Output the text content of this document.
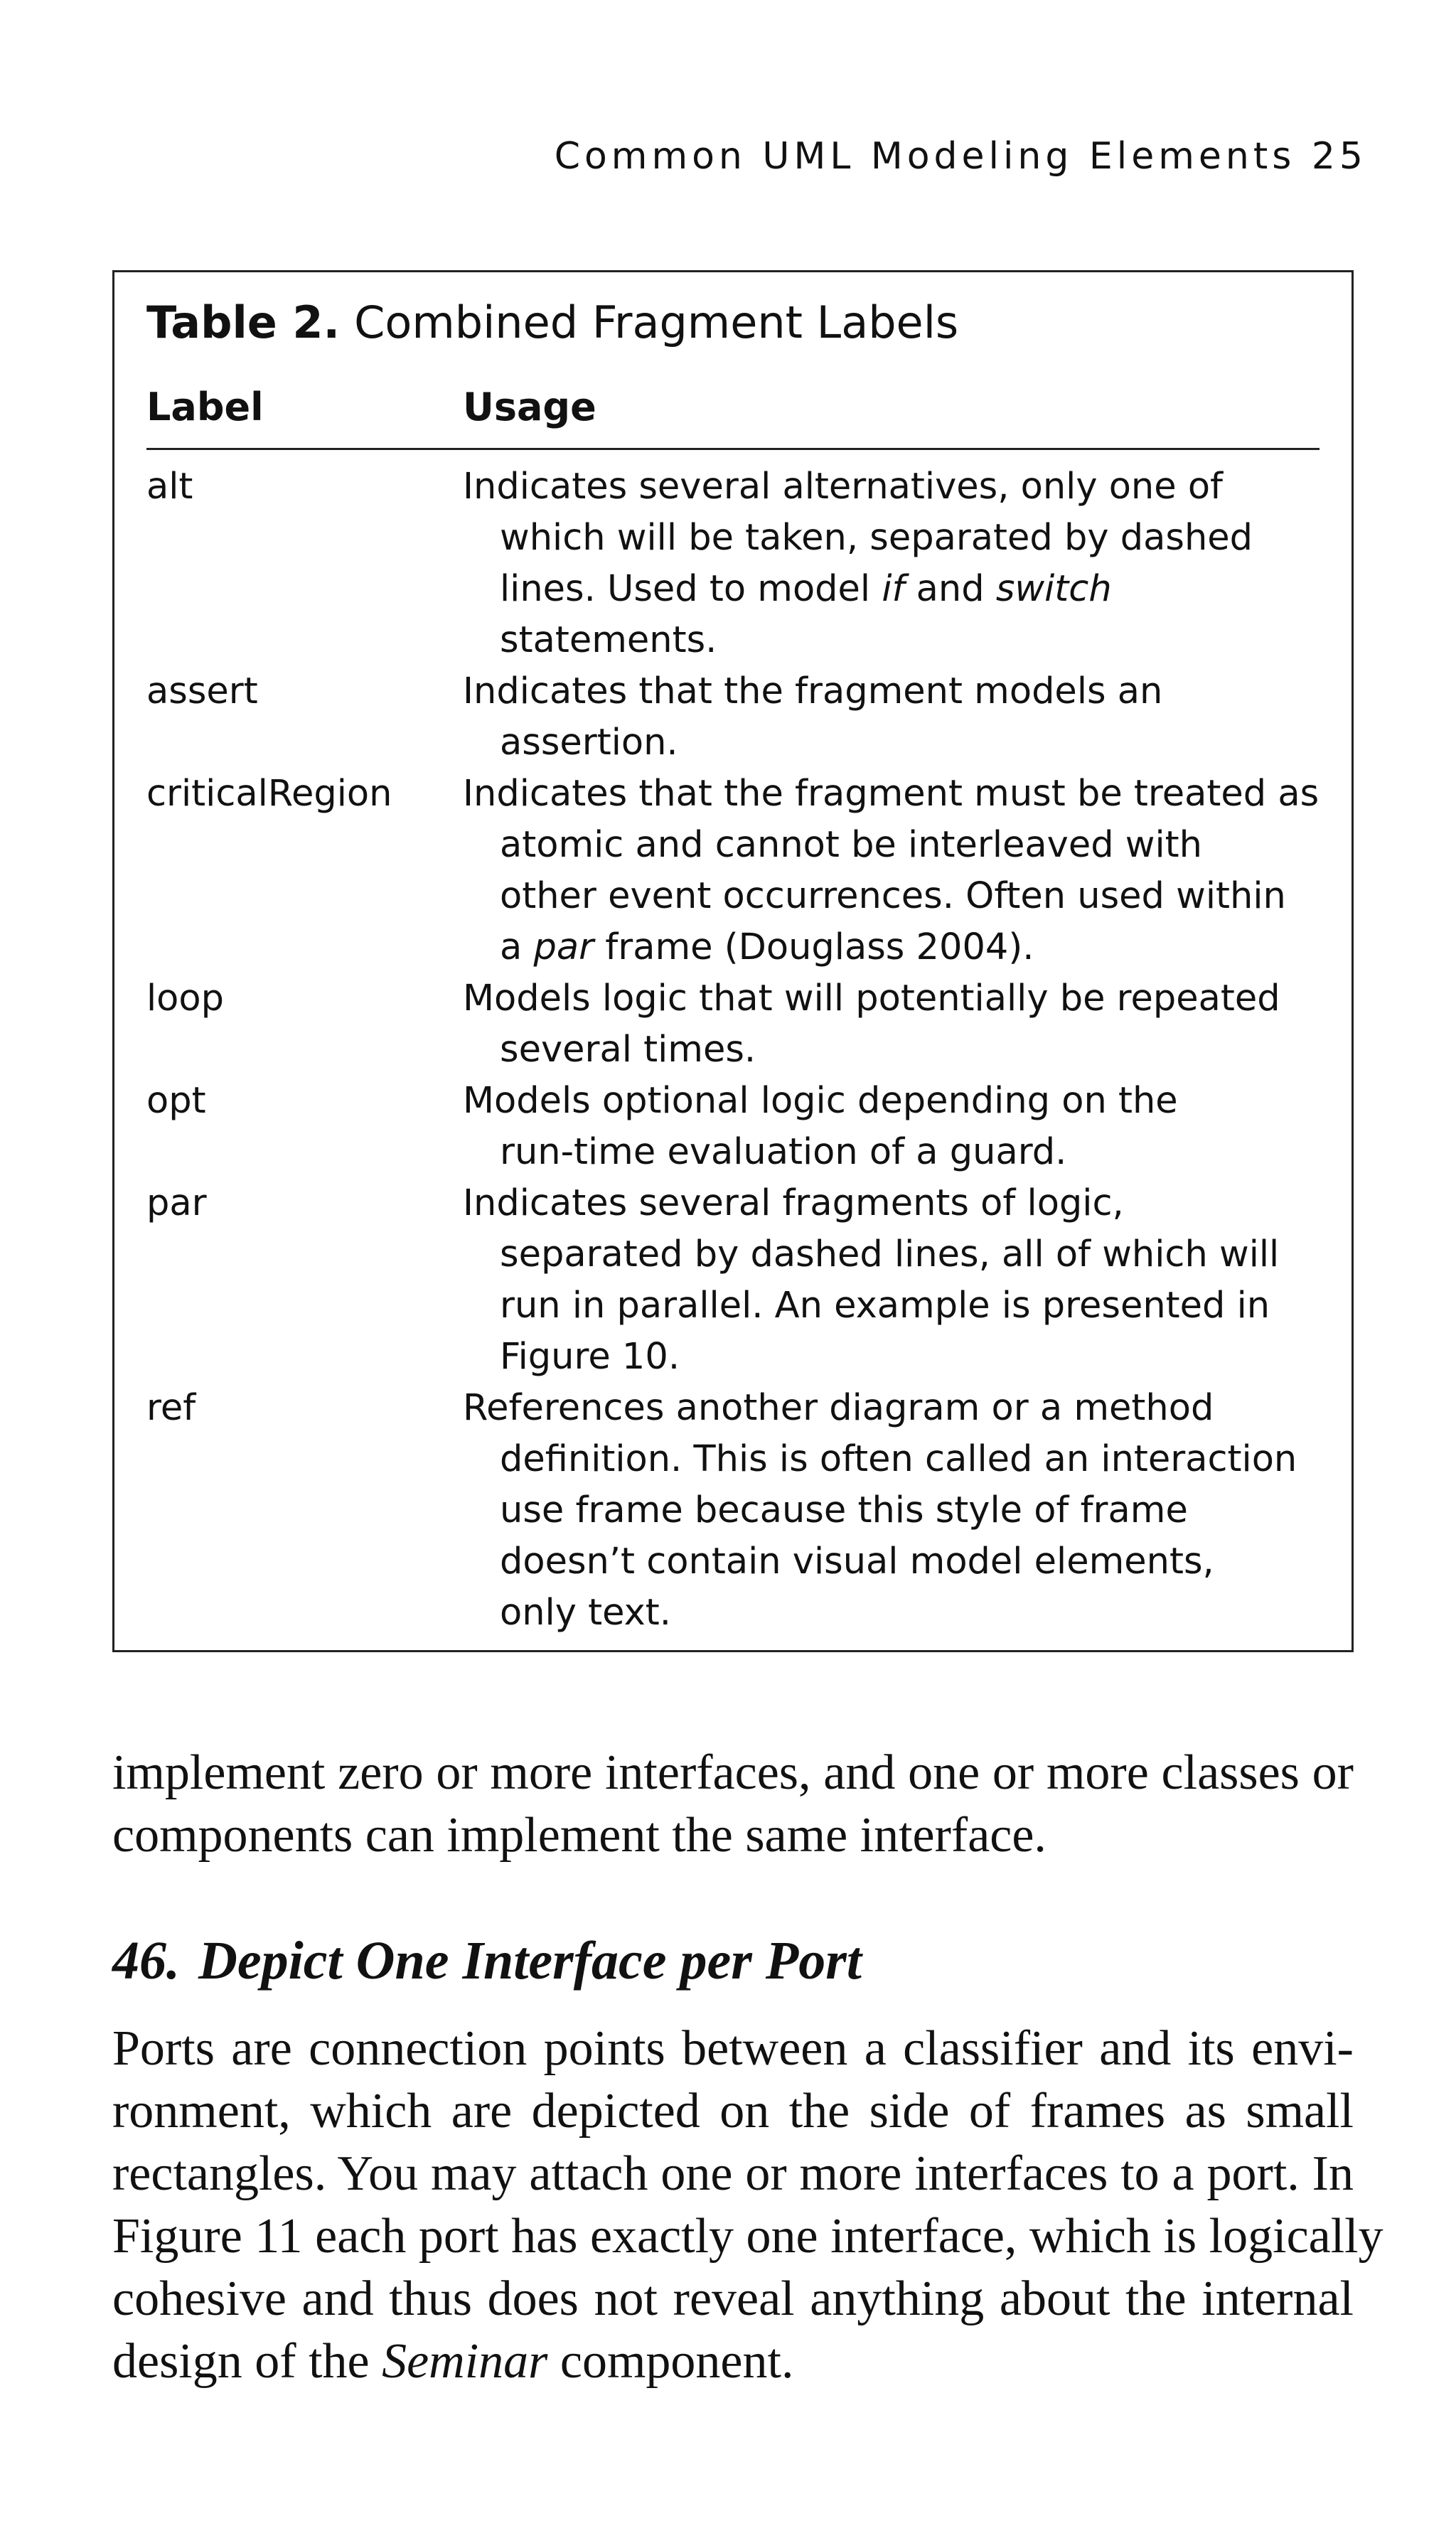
Common UML Modeling Elements 25
Table 2. Combined Fragment Labels
Label	Usage
alt	Indicates several alternatives, only one of
which will be taken, separated by dashed
lines. Used to model if and switch
statements.
assert	Indicates that the fragment models an
assertion.
criticalRegion	Indicates that the fragment must be treated as
atomic and cannot be interleaved with
other event occurrences. Often used within
a par frame (Douglass 2004).
loop	Models logic that will potentially be repeated
several times.
opt	Models optional logic depending on the
run-time evaluation of a guard.
par	Indicates several fragments of logic,
separated by dashed lines, all of which will
run in parallel. An example is presented in
Figure 10.
ref	References another diagram or a method
definition. This is often called an interaction
use frame because this style of frame
doesn’t contain visual model elements,
only text.
implement zero or more interfaces, and one or more classes or
components can implement the same interface.
46. Depict One Interface per Port
Ports are connection points between a classifier and its envi-
ronment, which are depicted on the side of frames as small
rectangles. You may attach one or more interfaces to a port. In
Figure 11 each port has exactly one interface, which is logically
cohesive and thus does not reveal anything about the internal
design of the Seminar component.
